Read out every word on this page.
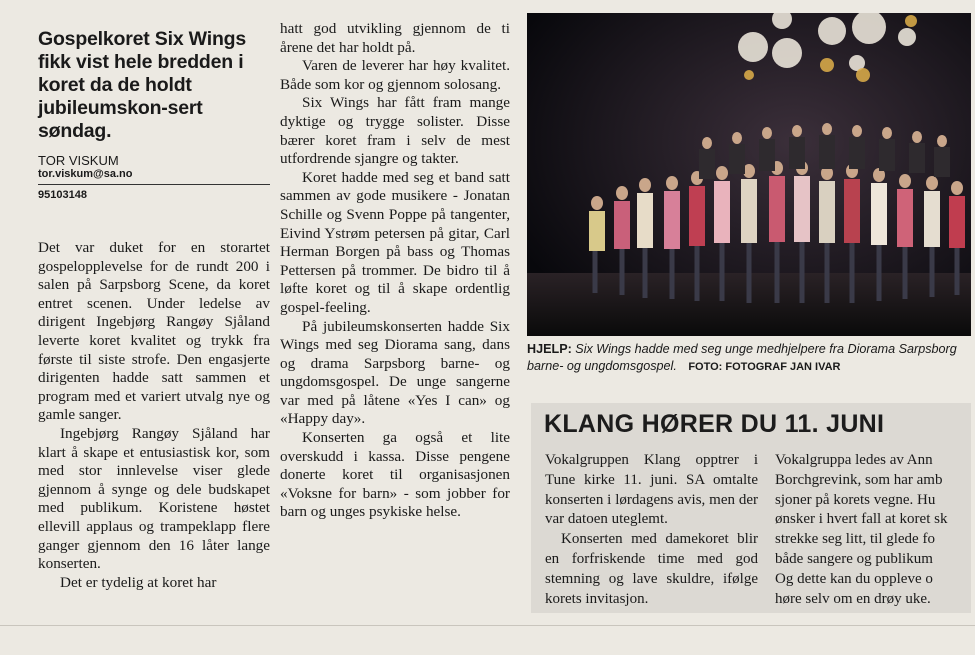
Gospelkoret Six Wings fikk vist hele bredden i koret da de holdt jubileumskon-sert søndag.
TOR VISKUM
tor.viskum@sa.no
95103148
Det var duket for en storartet gospelopplevelse for de rundt 200 i salen på Sarpsborg Scene, da koret entret scenen. Under ledelse av dirigent Ingebjørg Rangøy Sjåland leverte koret kvalitet og trykk fra første til siste strofe. Den engasjerte dirigenten hadde satt sammen et program med et variert utvalg nye og gamle sanger.
Ingebjørg Rangøy Sjåland har klart å skape et entusiastisk kor, som med stor innlevelse viser glede gjennom å synge og dele budskapet med publikum. Koristene høstet ellevill applaus og trampeklapp flere ganger gjennom den 16 låter lange konserten.
Det er tydelig at koret har
hatt god utvikling gjennom de ti årene det har holdt på.
Varen de leverer har høy kvalitet. Både som kor og gjennom solosang.
Six Wings har fått fram mange dyktige og trygge solister. Disse bærer koret fram i selv de mest utfordrende sjangre og takter.
Koret hadde med seg et band satt sammen av gode musikere - Jonatan Schille og Svenn Poppe på tangenter, Eivind Ystrøm petersen på gitar, Carl Herman Borgen på bass og Thomas Pettersen på trommer. De bidro til å løfte koret og til å skape ordentlig gospel-feeling.
På jubileumskonserten hadde Six Wings med seg Diorama sang, dans og drama Sarpsborg barne- og ungdomsgospel. De unge sangerne var med på låtene «Yes I can» og «Happy day».
Konserten ga også et lite overskudd i kassa. Disse pengene donerte koret til organisasjonen «Voksne for barn» - som jobber for barn og unges psykiske helse.
HJELP: Six Wings hadde med seg unge medhjelpere fra Diorama Sarpsborg barne- og ungdomsgospel. FOTO: FOTOGRAF JAN IVAR
KLANG HØRER DU 11. JUNI
Vokalgruppen Klang opptrer i Tune kirke 11. juni. SA omtalte konserten i lørdagens avis, men der var datoen uteglemt.
Konserten med damekoret blir en forfriskende time med god stemning og lave skuldre, ifølge korets invitasjon.
Vokalgruppa ledes av Ann
Borchgrevink, som har amb
sjoner på korets vegne. Hu
ønsker i hvert fall at koret sk
strekke seg litt, til glede fo
både sangere og publikum
Og dette kan du oppleve o
høre selv om en drøy uke.
